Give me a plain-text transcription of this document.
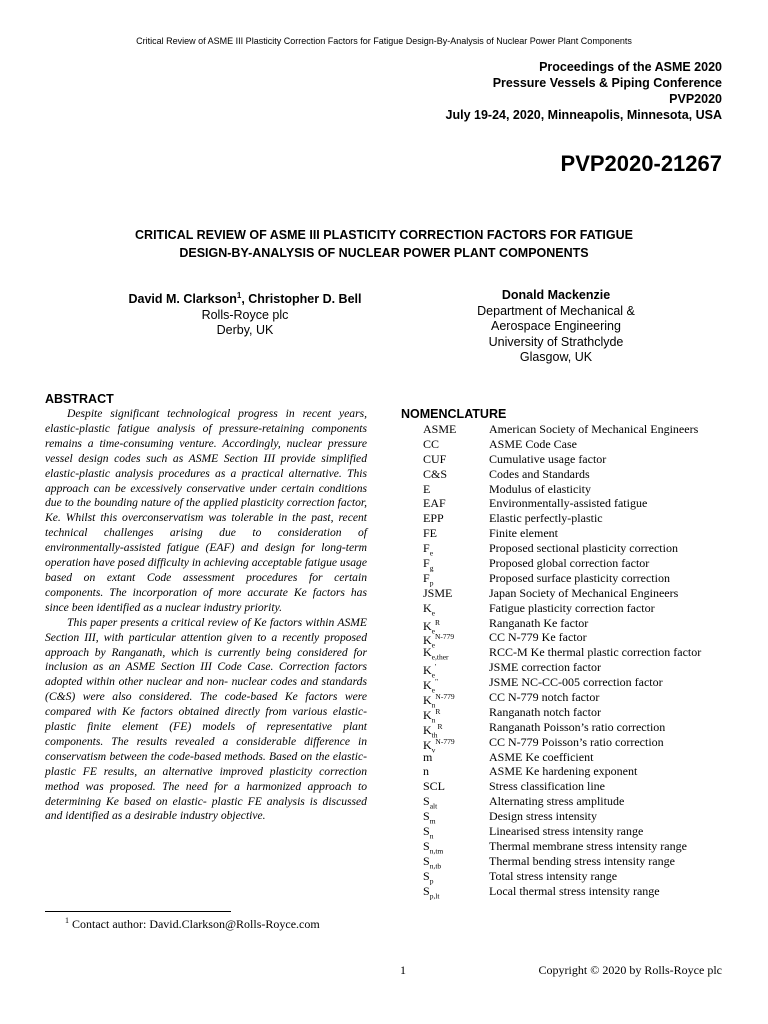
Critical Review of ASME III Plasticity Correction Factors for Fatigue Design-By-Analysis of Nuclear Power Plant Components
Proceedings of the ASME 2020
Pressure Vessels & Piping Conference
PVP2020
July 19-24, 2020, Minneapolis, Minnesota, USA
PVP2020-21267
CRITICAL REVIEW OF ASME III PLASTICITY CORRECTION FACTORS FOR FATIGUE
DESIGN-BY-ANALYSIS OF NUCLEAR POWER PLANT COMPONENTS
David M. Clarkson$^1$, Christopher D. Bell
Rolls-Royce plc
Derby, UK
Donald Mackenzie
Department of Mechanical &
Aerospace Engineering
University of Strathclyde
Glasgow, UK
ABSTRACT

Despite significant technological progress in recent years, elastic-plastic fatigue analysis of pressure-retaining components remains a time-consuming venture. Accordingly, nuclear pressure vessel design codes such as ASME Section III provide simplified elastic-plastic analysis procedures as a practical alternative. This approach can be excessively conservative under certain conditions due to the bounding nature of the applied plasticity correction factor, Ke. Whilst this overconservatism was tolerable in the past, recent technical challenges arising due to consideration of environmentally-assisted fatigue (EAF) and design for long-term operation have posed difficulty in achieving acceptable fatigue usage based on extant Code assessment procedures for certain components. The incorporation of more accurate Ke factors has since been identified as a nuclear industry priority.

This paper presents a critical review of Ke factors within ASME Section III, with particular attention given to a recently proposed approach by Ranganath, which is currently being considered for inclusion as an ASME Section III Code Case. Correction factors adopted within other nuclear and non- nuclear codes and standards (C&S) were also considered. The code-based Ke factors were compared with Ke factors obtained directly from various elastic-plastic finite element (FE) models of representative plant components. The results revealed a considerable difference in conservatism between the code-based methods. Based on the elastic-plastic FE results, an alternative improved plasticity correction method was proposed. The need for a harmonized approach to determining Ke based on elastic- plastic FE analysis is discussed and identified as a desirable industry objective.

NOMENCLATURE
ASME	American Society of Mechanical Engineers
CC	ASME Code Case
CUF	Cumulative usage factor
C&S	Codes and Standards
E	Modulus of elasticity
EAF	Environmentally-assisted fatigue
EPP	Elastic perfectly-plastic
FE	Finite element
$F_e$	Proposed sectional plasticity correction
$F_g$	Proposed global correction factor
$F_p$	Proposed surface plasticity correction
JSME	Japan Society of Mechanical Engineers
$K_e$	Fatigue plasticity correction factor
$K_e^R$	Ranganath Ke factor
$K_e^{N-779}$	CC N-779 Ke factor
$K_{e,ther}$	RCC-M Ke thermal plastic correction factor
$K_e'$	JSME correction factor
$K_e^"$	JSME NC-CC-005 correction factor
$K_n^{N-779}$	CC N-779 notch factor
$K_n^R$	Ranganath notch factor
$K_{th}^R$	Ranganath Poisson’s ratio correction
$K_v^{N-779}$	CC N-779 Poisson’s ratio correction
m	ASME Ke coefficient
n	ASME Ke hardening exponent
SCL	Stress classification line
$S_{alt}$	Alternating stress amplitude
$S_m$	Design stress intensity
$S_n$	Linearised stress intensity range
$S_{n,tm}$	Thermal membrane stress intensity range
$S_{n,tb}$	Thermal bending stress intensity range
$S_p$	Total stress intensity range
$S_{p,lt}$	Local thermal stress intensity range
$^1$ Contact author: David.Clarkson@Rolls-Royce.com
1	Copyright © 2020 by Rolls-Royce plc
